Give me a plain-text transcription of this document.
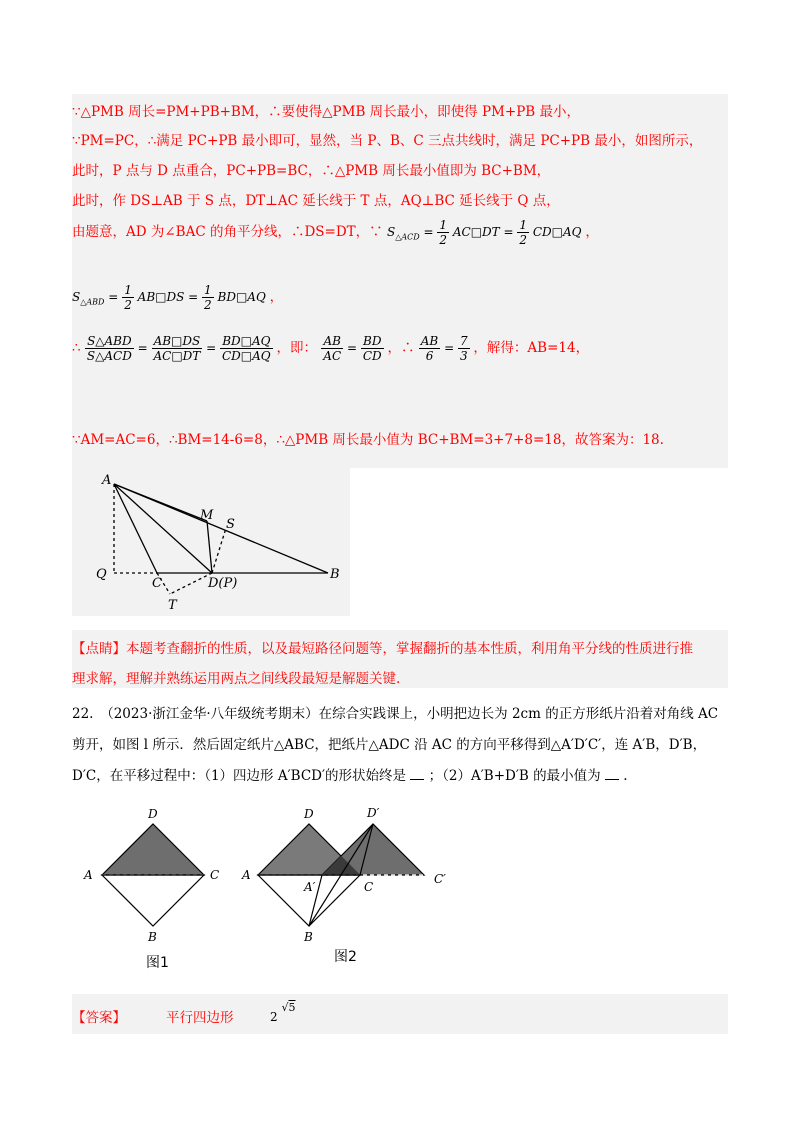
∵△PMB 周长=PM+PB+BM，∴要使得△PMB 周长最小，即使得 PM+PB 最小，
∵PM=PC，∴满足 PC+PB 最小即可，显然，当 P、B、C 三点共线时，满足 PC+PB 最小，如图所示，
此时，P 点与 D 点重合，PC+PB=BC，∴△PMB 周长最小值即为 BC+BM，
此时，作 DS⊥AB 于 S 点，DT⊥AC 延长线于 T 点，AQ⊥BC 延长线于 Q 点，
由题意，AD 为∠BAC 的角平分线，∴DS=DT，∵ $S_{\triangle ACD} = \frac{1}{2}$ AC□DT = $\frac{1}{2}$ CD□AQ ，
$S_{\triangle ABD} = \frac{1}{2}$ AB□DS = $\frac{1}{2}$ BD□AQ ，
∴ $\frac{\text{S△ABD}}{\text{S△ACD}} = \frac{AB□DS}{AC□DT} = \frac{BD□AQ}{CD□AQ}$ ，即： $\frac{AB}{AC} = \frac{BD}{CD}$ ，∴ $\frac{AB}{6} = \frac{7}{3}$ ，解得：AB=14，
∵AM=AC=6，∴BM=14-6=8，∴△PMB 周长最小值为 BC+BM=3+7+8=18，故答案为：18.
A
M
S
Q
C	D(P)
B
T
【点睛】本题考查翻折的性质，以及最短路径问题等，掌握翻折的基本性质，利用角平分线的性质进行推
理求解，理解并熟练运用两点之间线段最短是解题关键.
22.　（2023·浙江金华·八年级统考期末）在综合实践课上，小明把边长为 2cm 的正方形纸片沿着对角线 AC
剪开，如图 l 所示．然后固定纸片△ABC，把纸片△ADC 沿 AC 的方向平移得到△A′D′C′，连 A′B，D′B，
D′C，在平移过程中：（1）四边形 A′BCD′的形状始终是 ；（2）A′B+D′B 的最小值为 .
D
A	C
B
图1
D	D′
A
A′	C
C′
B
图2
【答案】	平行四边形	2 √5
